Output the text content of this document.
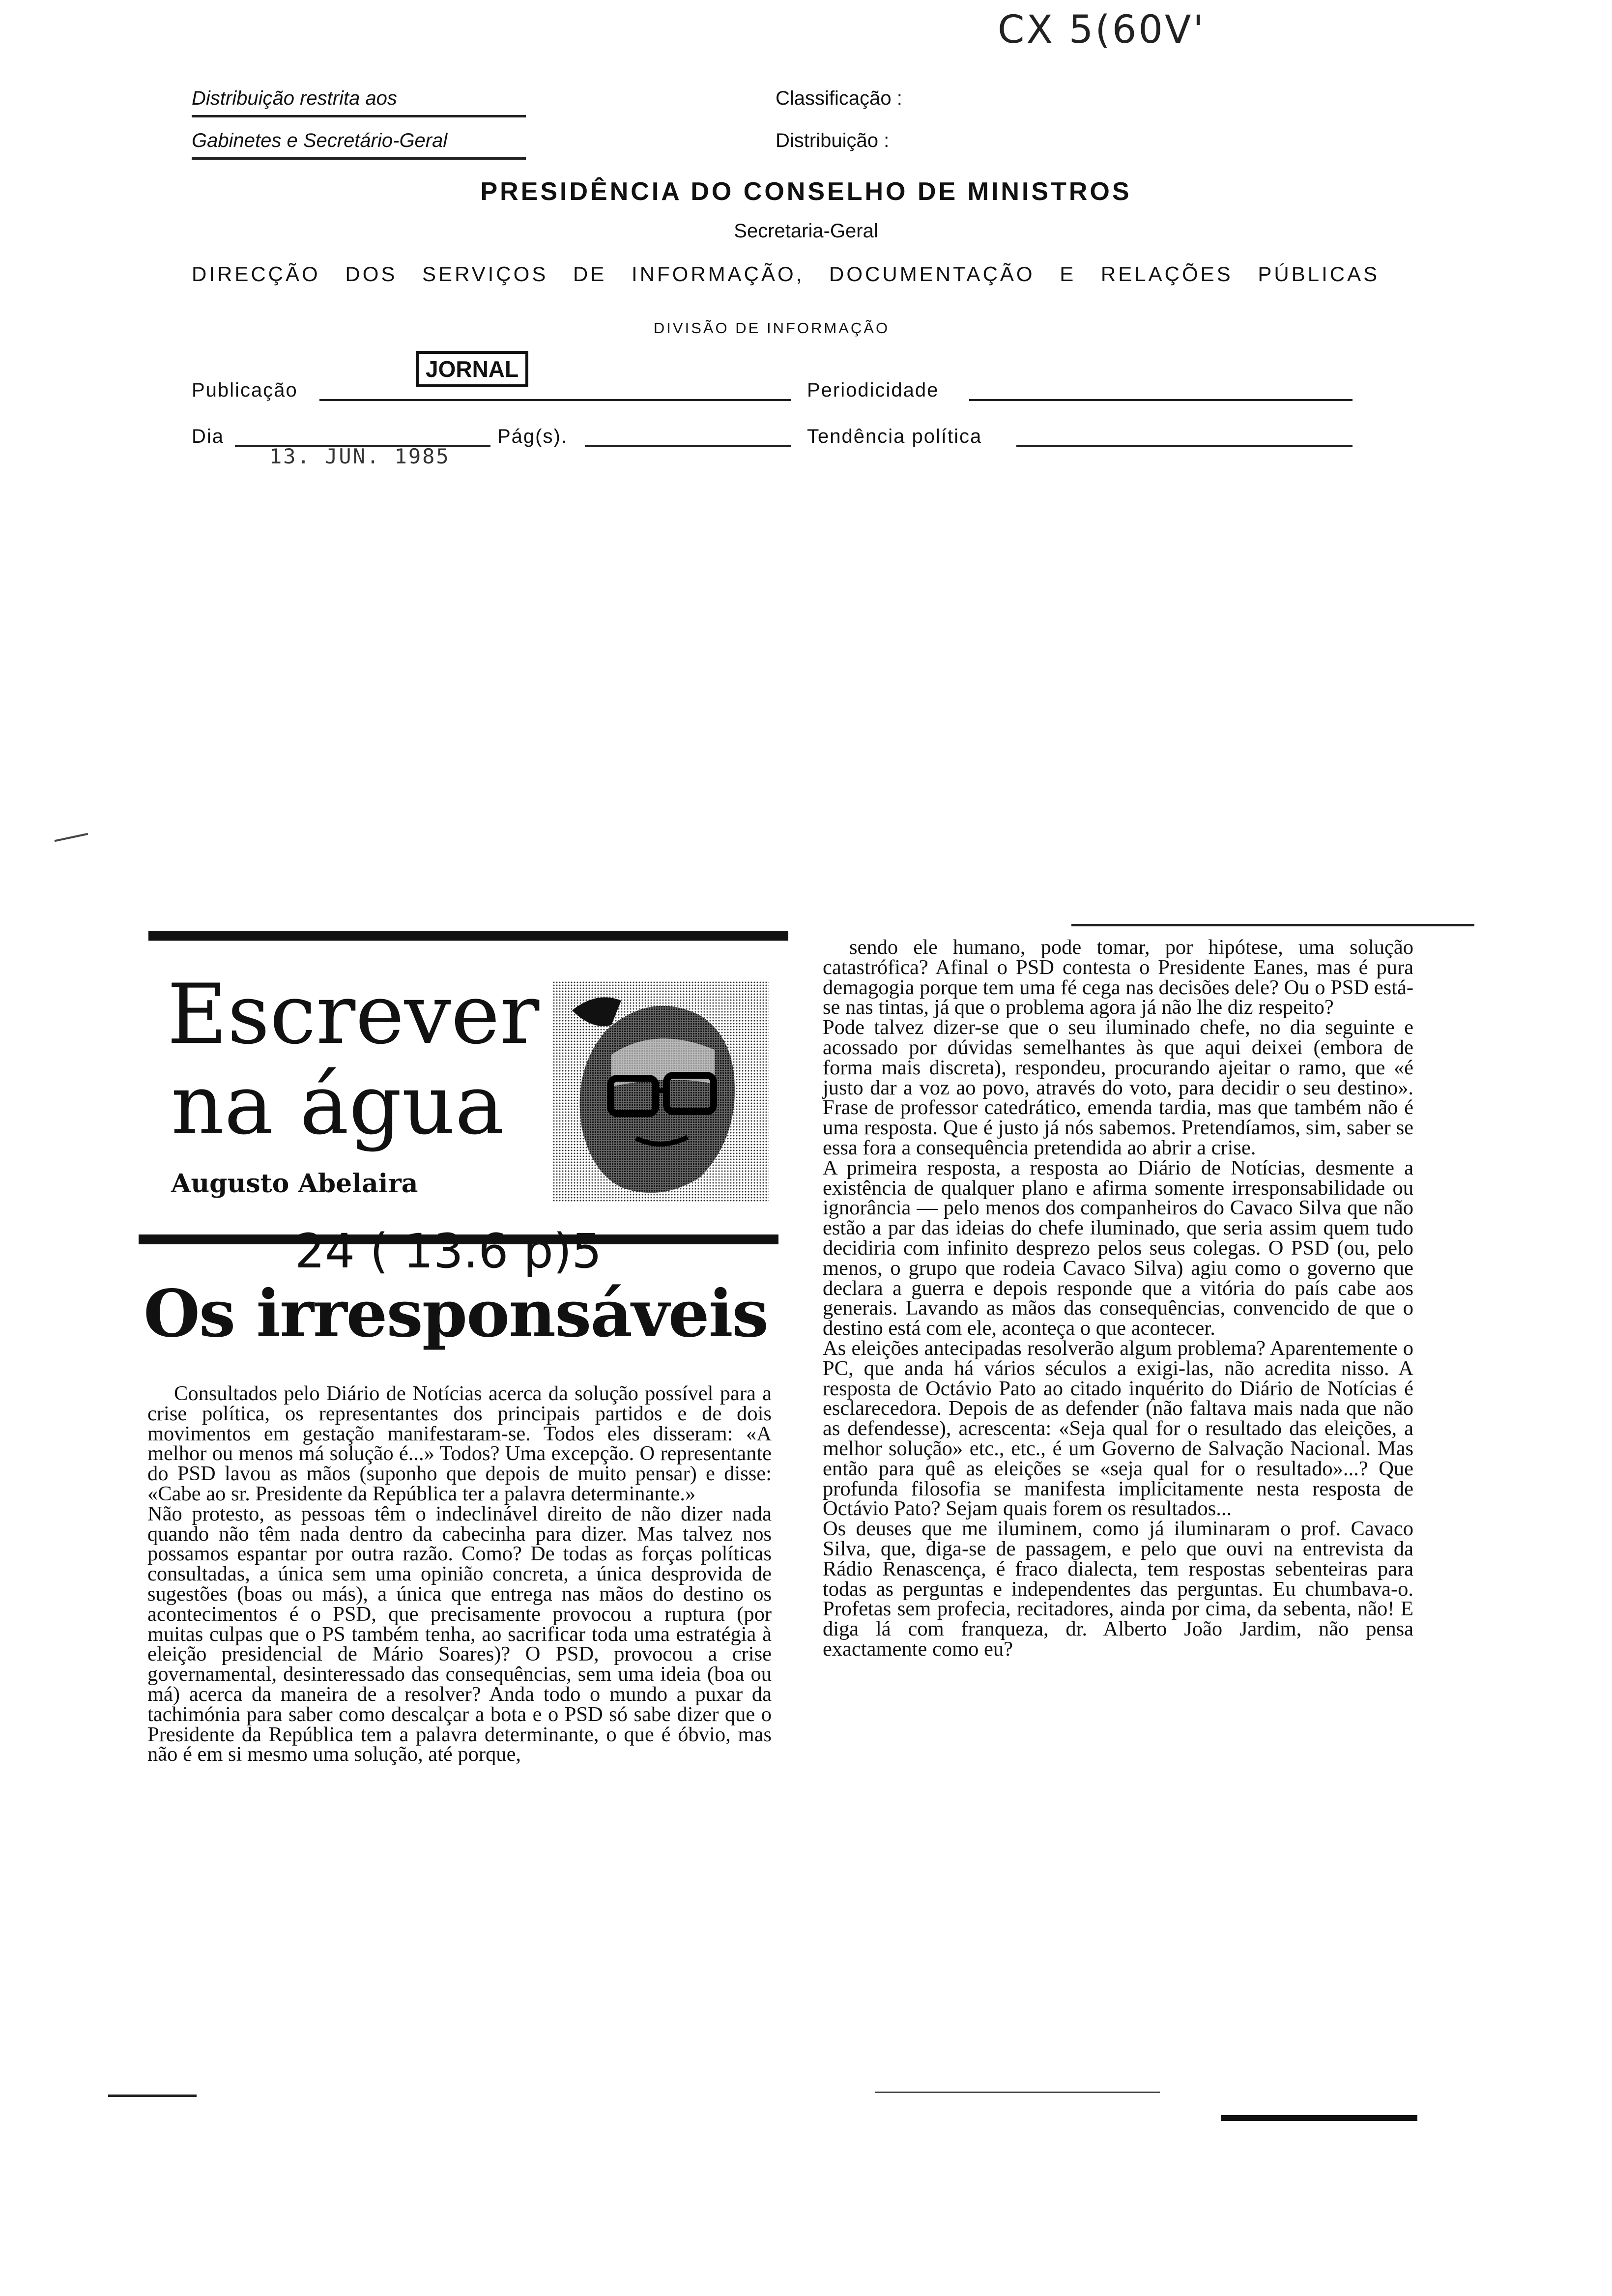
CX 5(60V'
Distribuição restrita aos
Gabinetes e Secretário-Geral
Classificação :
Distribuição :
PRESIDÊNCIA DO CONSELHO DE MINISTROS
Secretaria-Geral
DIRECÇÃO DOS SERVIÇOS DE INFORMAÇÃO, DOCUMENTAÇÃO E RELAÇÕES PÚBLICAS
DIVISÃO DE INFORMAÇÃO
Publicação
JORNAL
Periodicidade
Dia
13. JUN. 1985
Pág(s).	Tendência política
Escrever
na água
Augusto Abelaira
24 ( 13.6 p)5
Os irresponsáveis
Consultados pelo Diário de Notícias acerca da solução possível para a crise política, os representantes dos principais partidos e de dois movimentos em gestação manifestaram-se. Todos eles disseram: «A melhor ou menos má solução é...» Todos? Uma excepção. O representante do PSD lavou as mãos (suponho que depois de muito pensar) e disse: «Cabe ao sr. Presidente da República ter a palavra determinante.»
Não protesto, as pessoas têm o indeclinável direito de não dizer nada quando não têm nada dentro da cabecinha para dizer. Mas talvez nos possamos espantar por outra razão. Como? De todas as forças políticas consultadas, a única sem uma opinião concreta, a única desprovida de sugestões (boas ou más), a única que entrega nas mãos do destino os acontecimentos é o PSD, que precisamente provocou a ruptura (por muitas culpas que o PS também tenha, ao sacrificar toda uma estratégia à eleição presidencial de Mário Soares)? O PSD, provocou a crise governamental, desinteressado das consequências, sem uma ideia (boa ou má) acerca da maneira de a resolver? Anda todo o mundo a puxar da tachimónia para saber como descalçar a bota e o PSD só sabe dizer que o Presidente da República tem a palavra determinante, o que é óbvio, mas não é em si mesmo uma solução, até porque,
sendo ele humano, pode tomar, por hipótese, uma solução catastrófica? Afinal o PSD contesta o Presidente Eanes, mas é pura demagogia porque tem uma fé cega nas decisões dele? Ou o PSD está-se nas tintas, já que o problema agora já não lhe diz respeito?
Pode talvez dizer-se que o seu iluminado chefe, no dia seguinte e acossado por dúvidas semelhantes às que aqui deixei (embora de forma mais discreta), respondeu, procurando ajeitar o ramo, que «é justo dar a voz ao povo, através do voto, para decidir o seu destino». Frase de professor catedrático, emenda tardia, mas que também não é uma resposta. Que é justo já nós sabemos. Pretendíamos, sim, saber se essa fora a consequência pretendida ao abrir a crise.
A primeira resposta, a resposta ao Diário de Notícias, desmente a existência de qualquer plano e afirma somente irresponsabilidade ou ignorância — pelo menos dos companheiros do Cavaco Silva que não estão a par das ideias do chefe iluminado, que seria assim quem tudo decidiria com infinito desprezo pelos seus colegas. O PSD (ou, pelo menos, o grupo que rodeia Cavaco Silva) agiu como o governo que declara a guerra e depois responde que a vitória do país cabe aos generais. Lavando as mãos das consequências, convencido de que o destino está com ele, aconteça o que acontecer.
As eleições antecipadas resolverão algum problema? Aparentemente o PC, que anda há vários séculos a exigi-las, não acredita nisso. A resposta de Octávio Pato ao citado inquérito do Diário de Notícias é esclarecedora. Depois de as defender (não faltava mais nada que não as defendesse), acrescenta: «Seja qual for o resultado das eleições, a melhor solução» etc., etc., é um Governo de Salvação Nacional. Mas então para quê as eleições se «seja qual for o resultado»...? Que profunda filosofia se manifesta implicitamente nesta resposta de Octávio Pato? Sejam quais forem os resultados...
Os deuses que me iluminem, como já iluminaram o prof. Cavaco Silva, que, diga-se de passagem, e pelo que ouvi na entrevista da Rádio Renascença, é fraco dialecta, tem respostas sebenteiras para todas as perguntas e independentes das perguntas. Eu chumbava-o. Profetas sem profecia, recitadores, ainda por cima, da sebenta, não! E diga lá com franqueza, dr. Alberto João Jardim, não pensa exactamente como eu?
